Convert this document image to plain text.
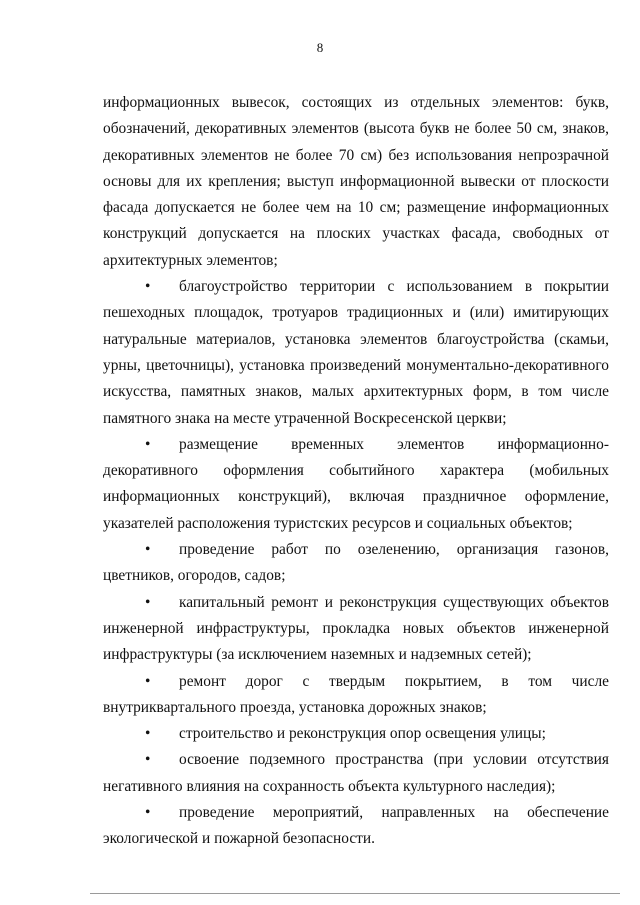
8

информационных вывесок, состоящих из отдельных элементов: букв, обозначений, декоративных элементов (высота букв не более 50 см, знаков, декоративных элементов не более 70 см) без использования непрозрачной основы для их крепления; выступ информационной вывески от плоскости фасада допускается не более чем на 10 см; размещение информационных конструкций допускается на плоских участках фасада, свободных от архитектурных элементов;

• благоустройство территории с использованием в покрытии пешеходных площадок, тротуаров традиционных и (или) имитирующих натуральные материалов, установка элементов благоустройства (скамьи, урны, цветочницы), установка произведений монументально-декоративного искусства, памятных знаков, малых архитектурных форм, в том числе памятного знака на месте утраченной Воскресенской церкви;

• размещение временных элементов информационно-декоративного оформления событийного характера (мобильных информационных конструкций), включая праздничное оформление, указателей расположения туристских ресурсов и социальных объектов;

• проведение работ по озеленению, организация газонов, цветников, огородов, садов;

• капитальный ремонт и реконструкция существующих объектов инженерной инфраструктуры, прокладка новых объектов инженерной инфраструктуры (за исключением наземных и надземных сетей);

• ремонт дорог с твердым покрытием, в том числе внутриквартального проезда, установка дорожных знаков;

• строительство и реконструкция опор освещения улицы;

• освоение подземного пространства (при условии отсутствия негативного влияния на сохранность объекта культурного наследия);

• проведение мероприятий, направленных на обеспечение экологической и пожарной безопасности.
